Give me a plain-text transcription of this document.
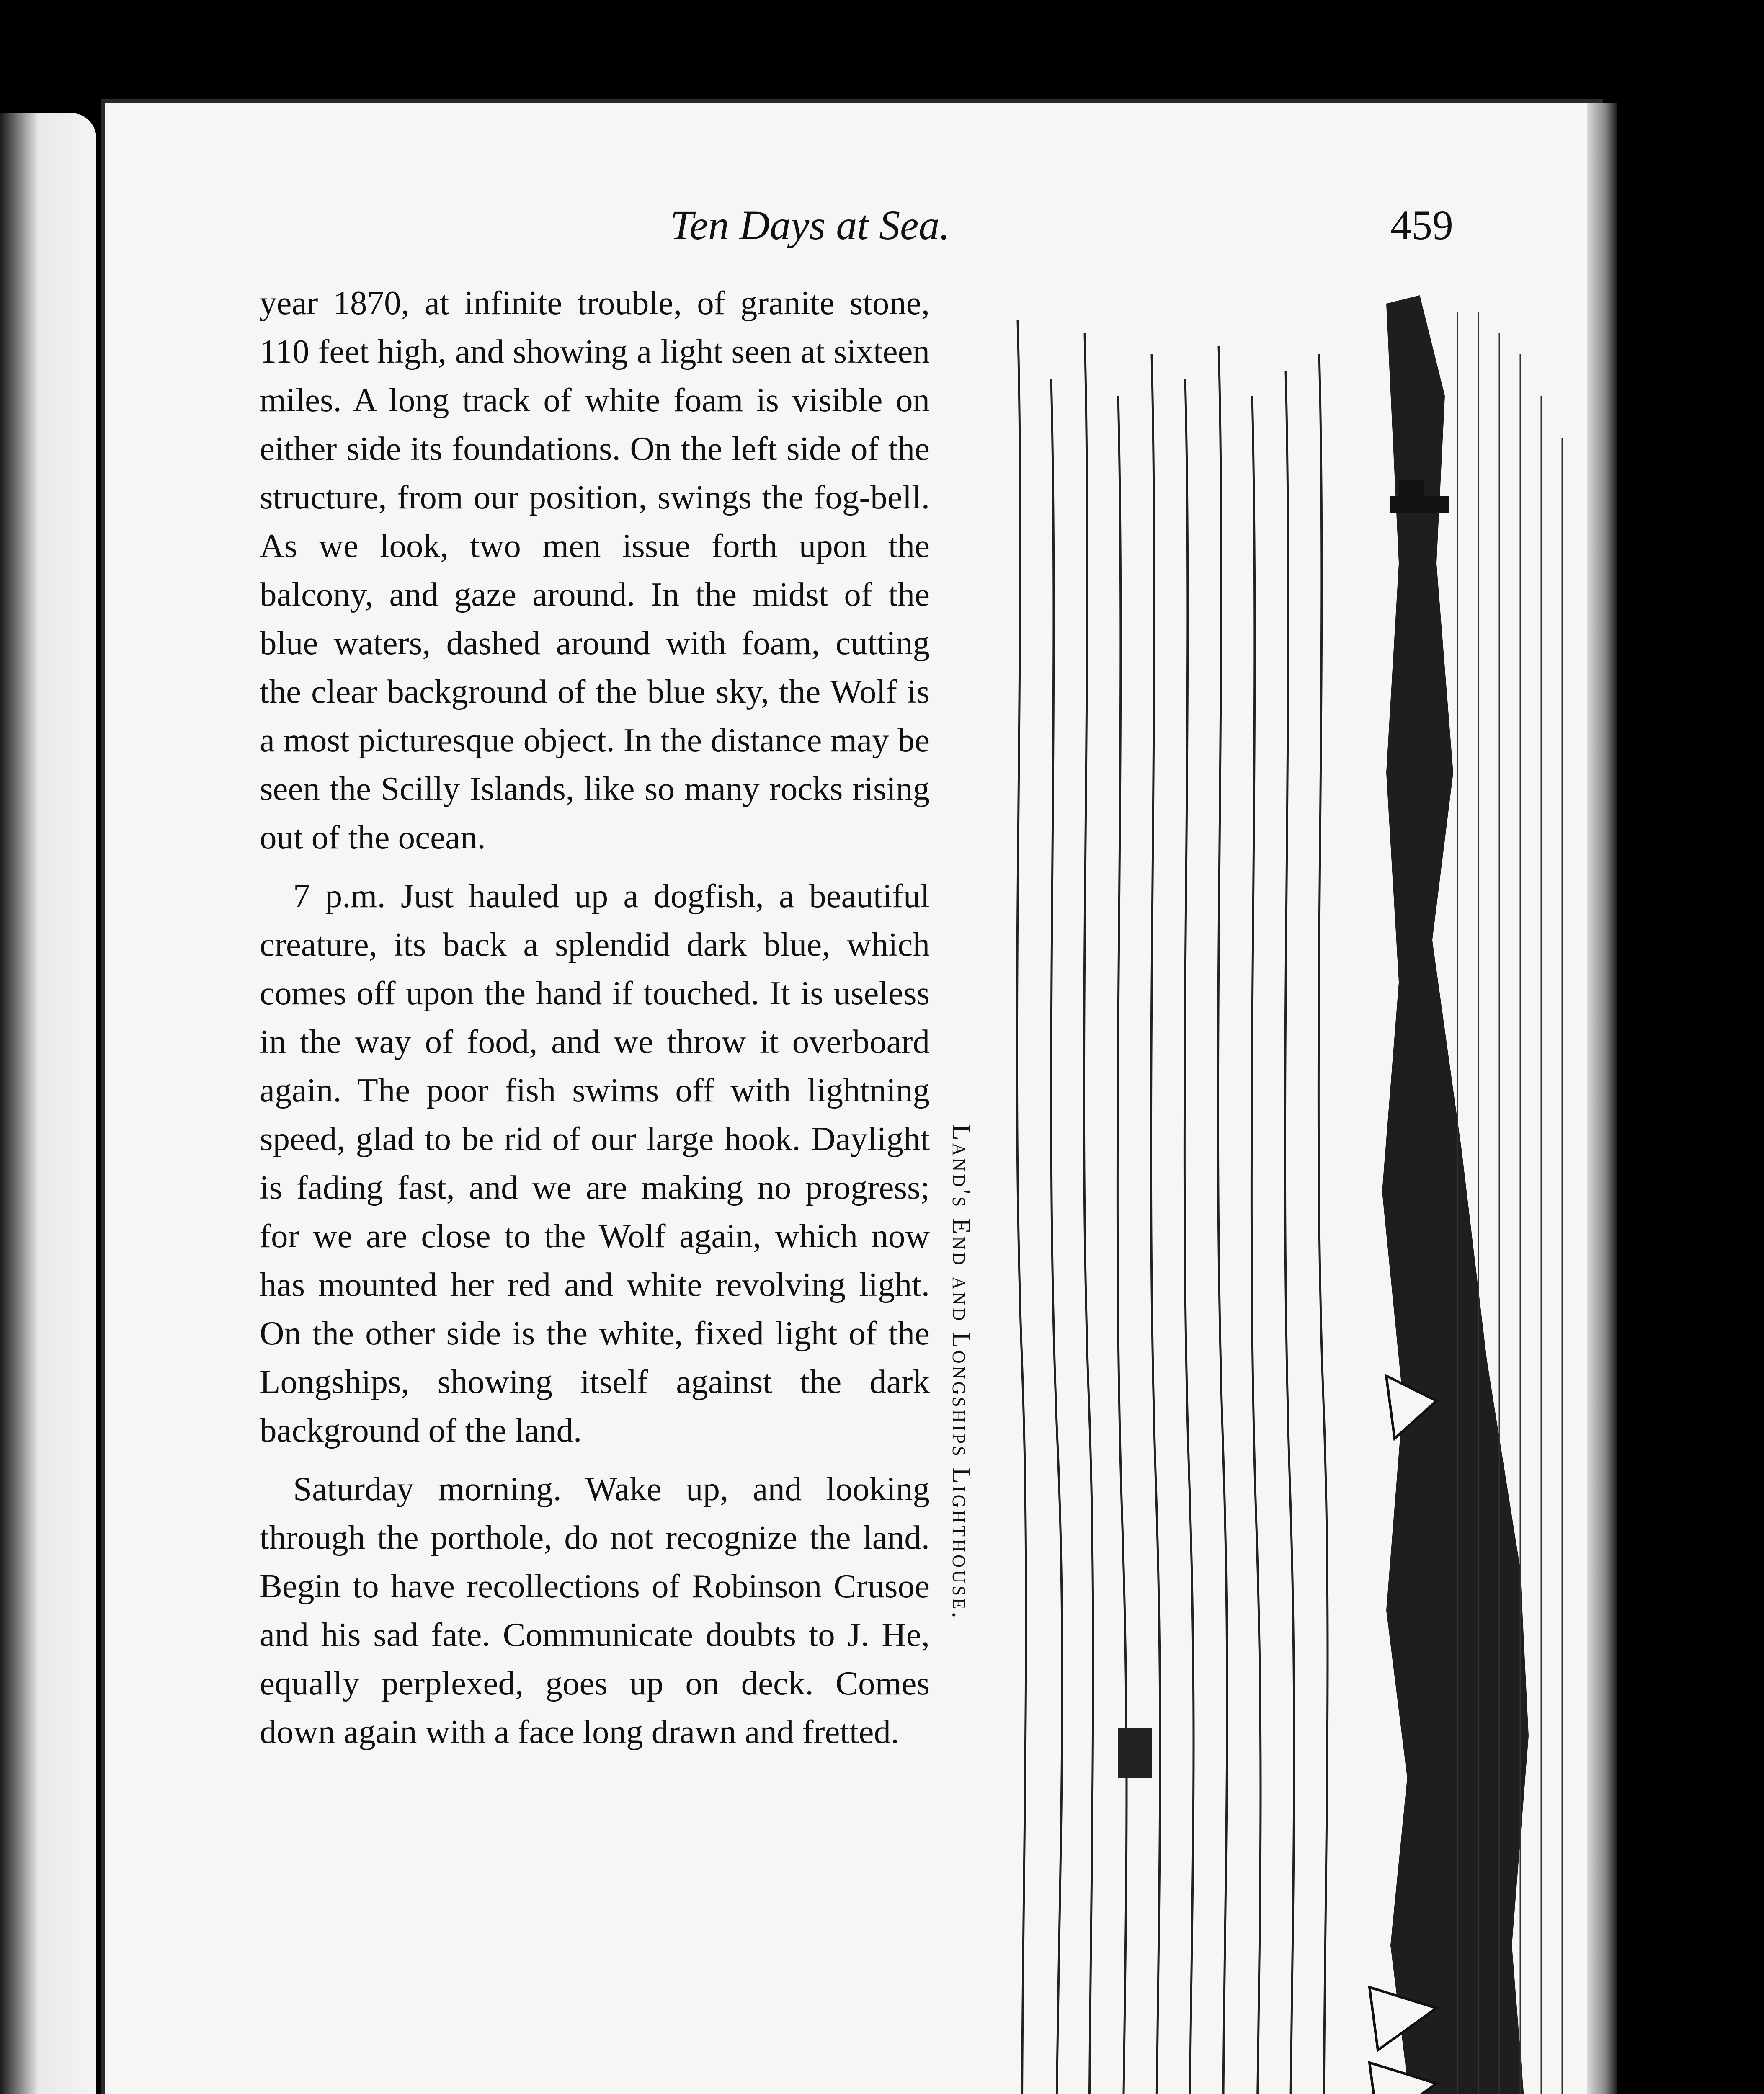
Ten Days at Sea.	459

year 1870, at infinite trouble, of granite stone, 110 feet high, and showing a light seen at sixteen miles. A long track of white foam is visible on either side its foundations. On the left side of the structure, from our position, swings the fog-bell. As we look, two men issue forth upon the balcony, and gaze around. In the midst of the blue waters, dashed around with foam, cutting the clear background of the blue sky, the Wolf is a most picturesque object. In the distance may be seen the Scilly Islands, like so many rocks rising out of the ocean.

7 p.m. Just hauled up a dogfish, a beautiful creature, its back a splendid dark blue, which comes off upon the hand if touched. It is useless in the way of food, and we throw it overboard again. The poor fish swims off with lightning speed, glad to be rid of our large hook. Daylight is fading fast, and we are making no progress; for we are close to the Wolf again, which now has mounted her red and white revolving light. On the other side is the white, fixed light of the Longships, showing itself against the dark background of the land.

Saturday morning. Wake up, and looking through the porthole, do not recognize the land. Begin to have recollections of Robinson Crusoe and his sad fate. Communicate doubts to J. He, equally perplexed, goes up on deck. Comes down again with a face long drawn and fretted.

Land's End and Longships Lighthouse.
